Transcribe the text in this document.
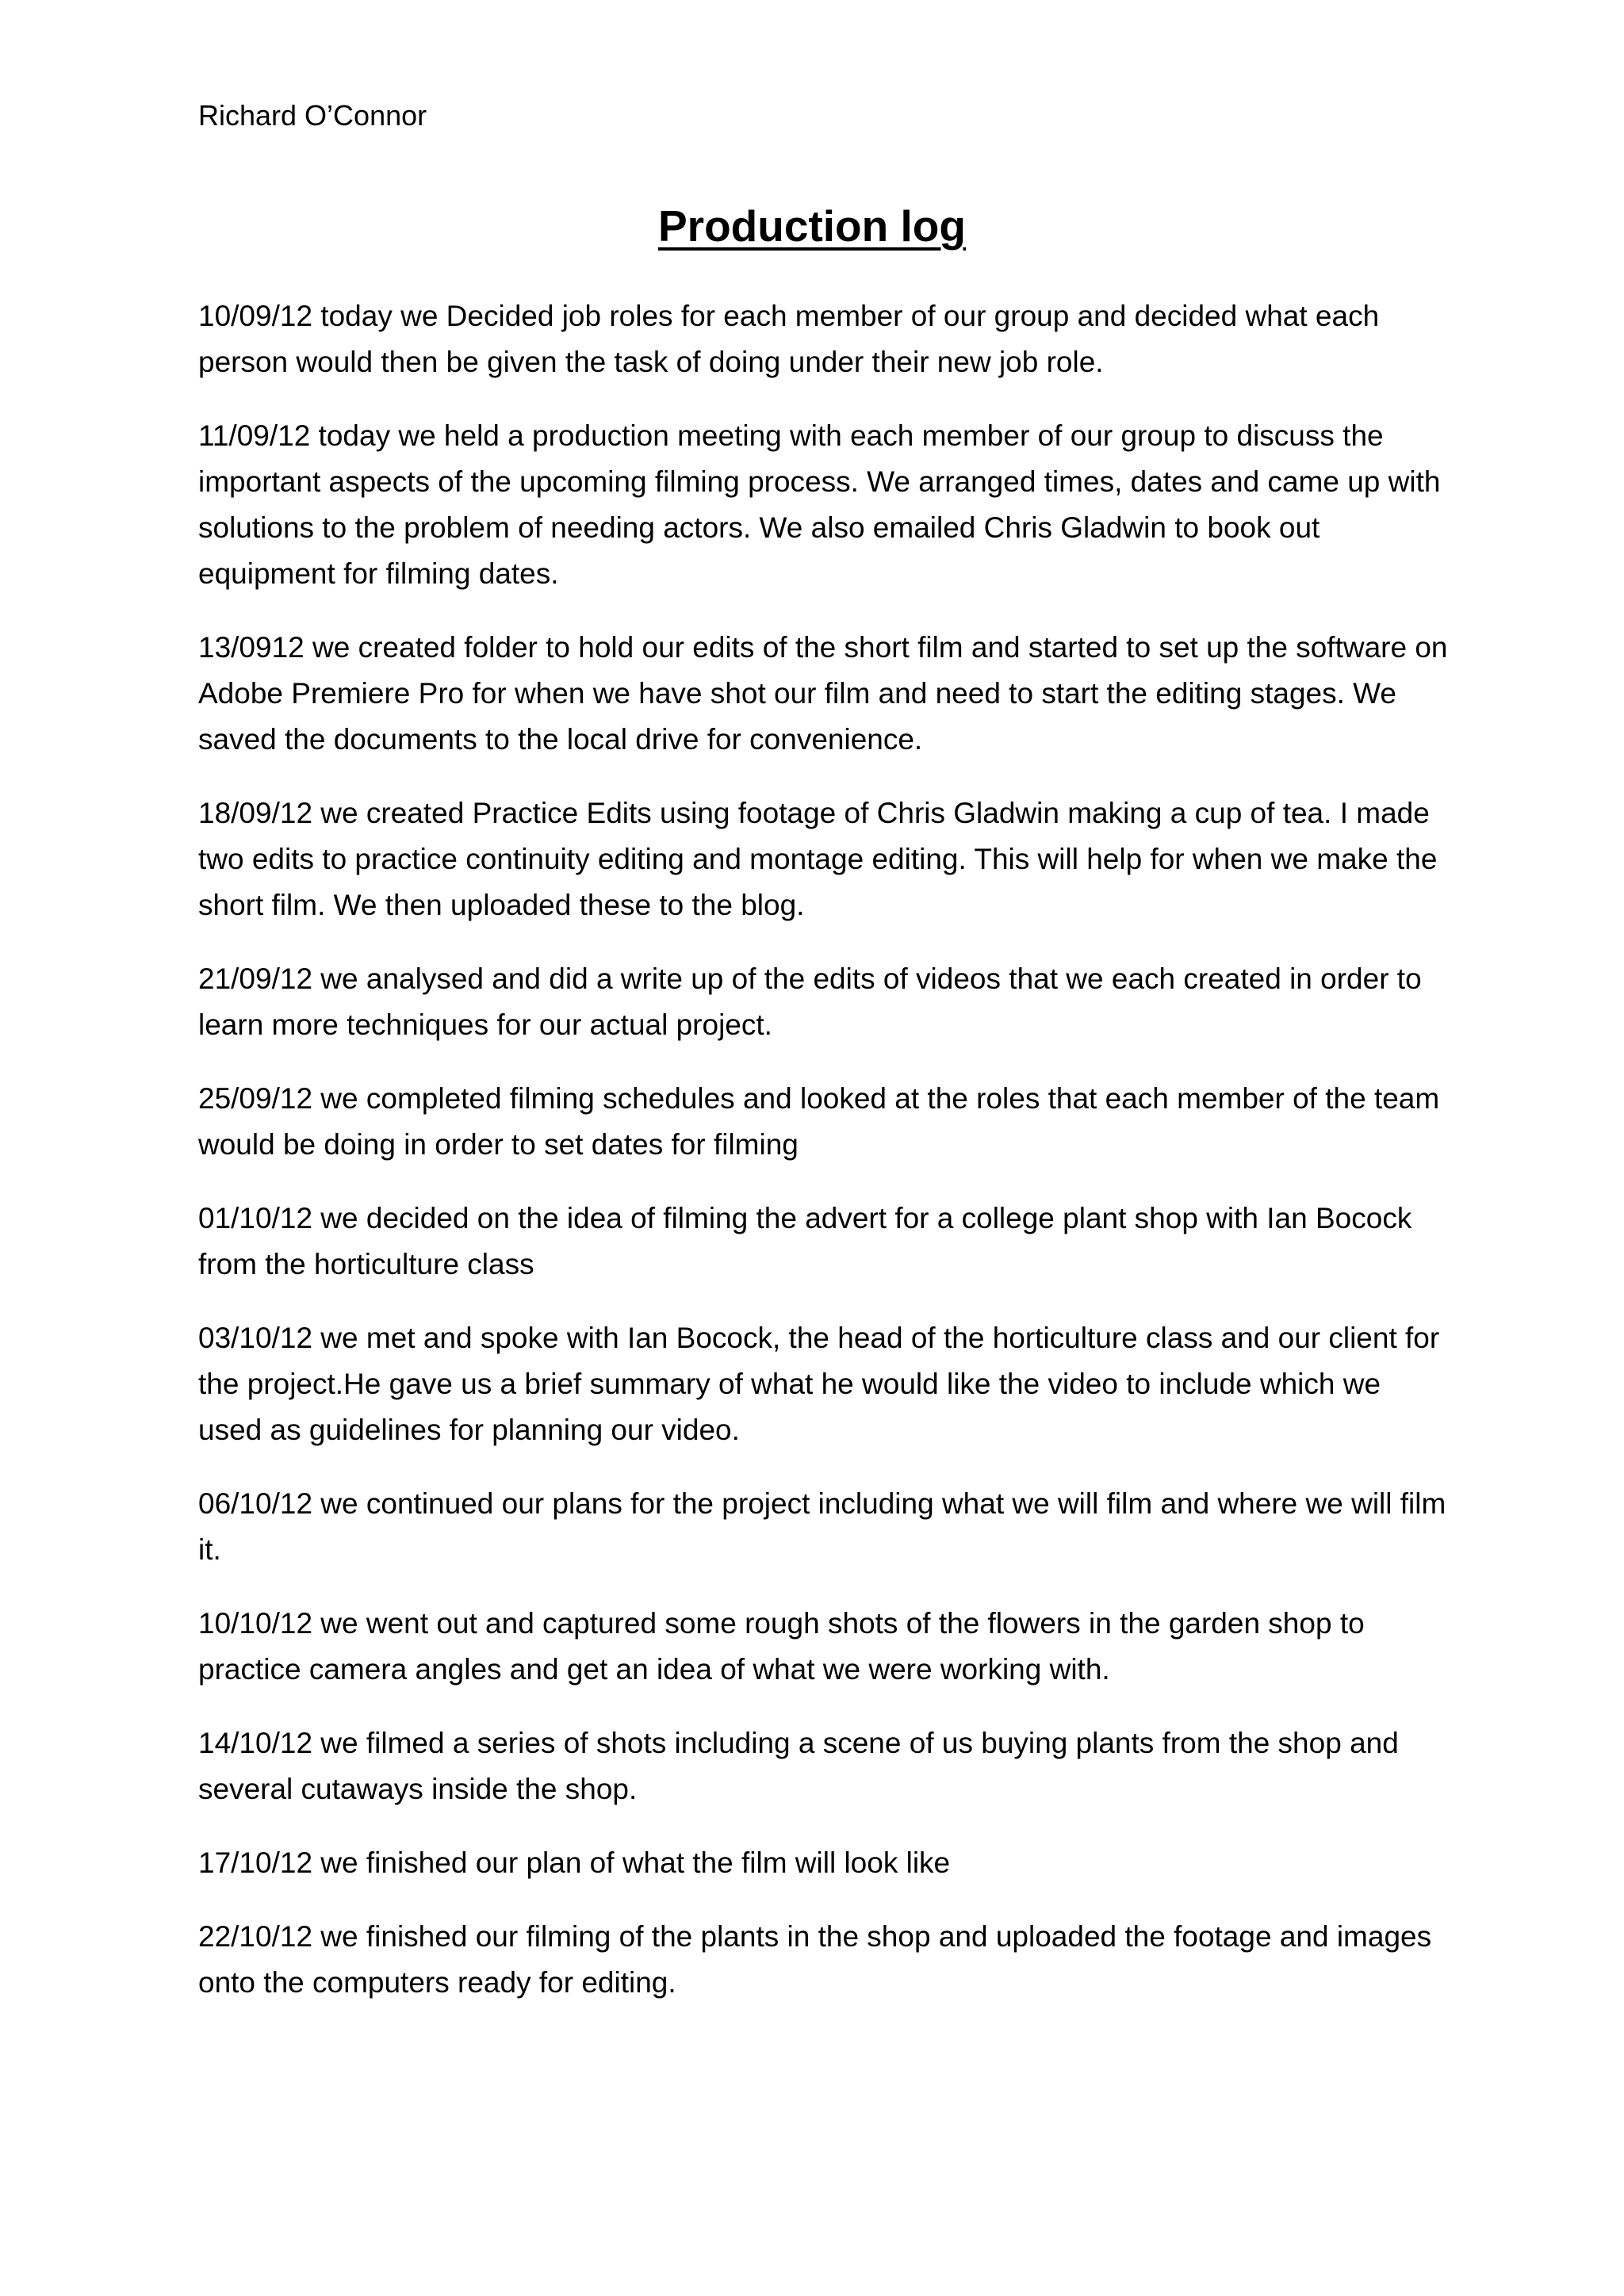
Richard O’Connor

Production log
10/09/12 today we Decided job roles for each member of our group and decided what each person would then be given the task of doing under their new job role.
11/09/12 today we held a production meeting with each member of our group to discuss the important aspects of the upcoming filming process. We arranged times, dates and came up with solutions to the problem of needing actors. We also emailed Chris Gladwin to book out equipment for filming dates.
13/0912 we created folder to hold our edits of the short film and started to set up the software on Adobe Premiere Pro for when we have shot our film and need to start the editing stages. We saved the documents to the local drive for convenience.
18/09/12 we created Practice Edits using footage of Chris Gladwin making a cup of tea. I made two edits to practice continuity editing and montage editing. This will help for when we make the short film. We then uploaded these to the blog.
21/09/12 we analysed and did a write up of the edits of videos that we each created in order to learn more techniques for our actual project.
25/09/12 we completed filming schedules and looked at the roles that each member of the team would be doing in order to set dates for filming
01/10/12 we decided on the idea of filming the advert for a college plant shop with Ian Bocock from the horticulture class
03/10/12 we met and spoke with Ian Bocock, the head of the horticulture class and our client for the project.He gave us a brief summary of what he would like the video to include which we used as guidelines for planning our video.
06/10/12 we continued our plans for the project including what we will film and where we will film it.
10/10/12 we went out and captured some rough shots of the flowers in the garden shop to practice camera angles and get an idea of what we were working with.
14/10/12 we filmed a series of shots including a scene of us buying plants from the shop and several cutaways inside the shop.
17/10/12 we finished our plan of what the film will look like
22/10/12 we finished our filming of the plants in the shop and uploaded the footage and images onto the computers ready for editing.
